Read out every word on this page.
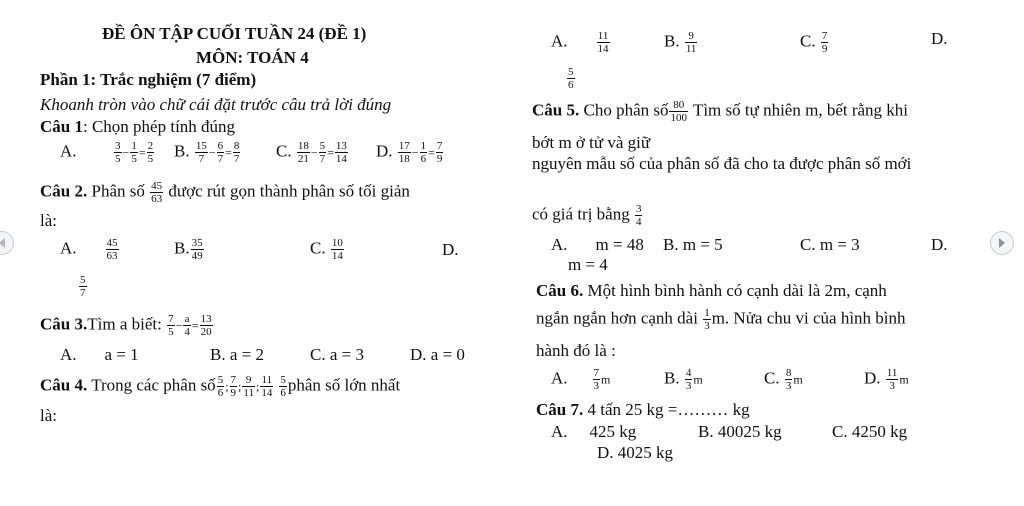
ĐỀ ÔN TẬP CUỐI TUẦN 24 (ĐỀ 1)
MÔN: TOÁN 4
Phần 1: Trắc nghiệm (7 điểm)
Khoanh tròn vào chữ cái đặt trước câu trả lời đúng
Câu 1: Chọn phép tính đúng
A.	$\frac{3}{5} - \frac{1}{5} = \frac{2}{5} B$. $\frac{15}{7} - \frac{6}{7} = \frac{8}{7} C$. $\frac{18}{21} - \frac{5}{7} = \frac{13}{14} D$. $\frac{17}{18} - \frac{1}{6} = \frac{7}{9}$
Câu 2. Phân số $\frac{45}{63}$ được rút gọn thành phân số tối giản
là:
A.	$\frac{45}{63}$	B. $\frac{35}{49}$	C. $\frac{10}{14}$	D.
$\frac{5}{7}$
Câu 3.Tìm a biết: $\frac{7}{5} - \frac{a}{4} = \frac{13}{20}$
A. a = 1	B. a = 2	C. a = 3	D. a = 0
Câu 4. Trong các phân số $\frac{5}{6}$ ; $\frac{7}{9}$ ; $\frac{9}{11}$ ; $\frac{11}{14} \frac{5}{6}$ phân số lớn nhất
là:
A.	$\frac{11}{14}$	B. $\frac{9}{11}$	C. $\frac{7}{9}$	D.
$\frac{5}{6}$
Câu 5. Cho phân số $\frac{80}{100}$ Tìm số tự nhiên m, bết rằng khi
bớt m ở tử và giữ
nguyên mẫu số của phân số đã cho ta được phân số mới
có giá trị bằng $\frac{3}{4}$
A. m = 48 B. m = 5	C. m = 3	D.
m = 4
Câu 6. Một hình bình hành có cạnh dài là 2m, cạnh
ngắn ngắn hơn cạnh dài $\frac{1}{3} m$. Nửa chu vi của hình bình
hành đó là :
A. $\frac{7}{3}$ m	B. $\frac{4}{3}$ m	C. $\frac{8}{3}$ m	D. $\frac{11}{3}$ m
Câu 7. 4 tấn 25 kg =……… kg
A. 425 kg	B. 40025 kg	C. 4250 kg
D. 4025 kg
